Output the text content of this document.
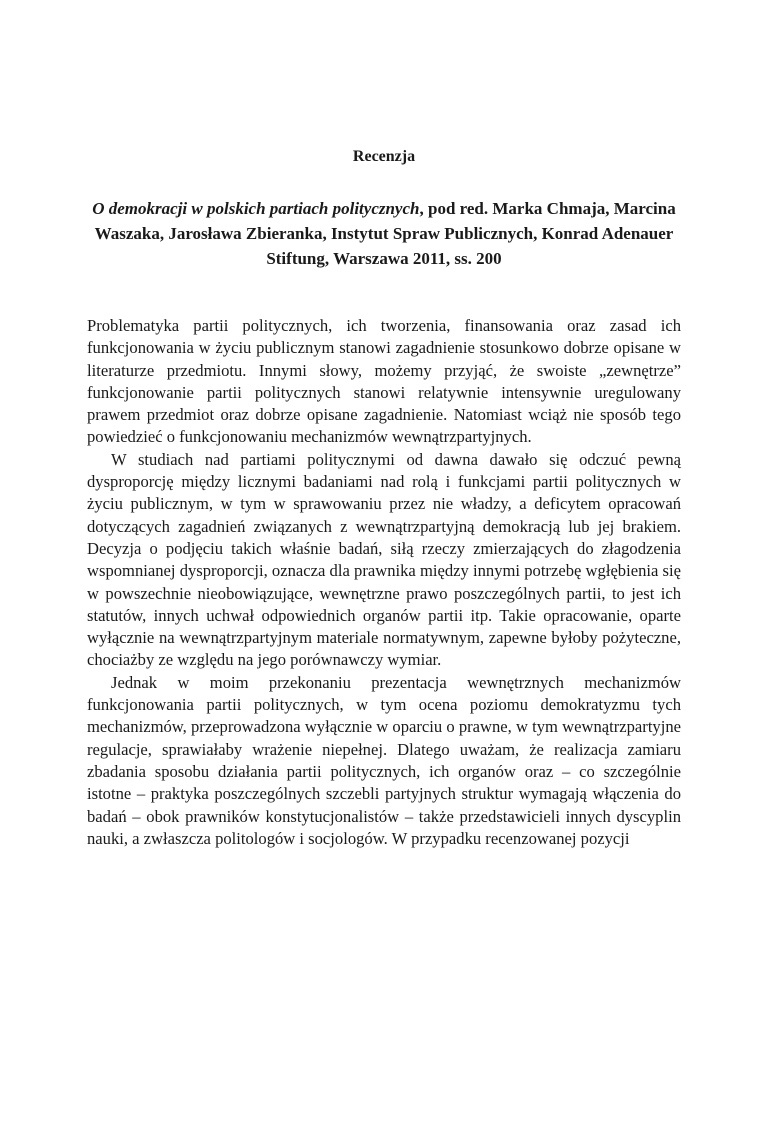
Recenzja
O demokracji w polskich partiach politycznych, pod red. Marka Chmaja, Marcina Waszaka, Jarosława Zbieranka, Instytut Spraw Publicznych, Konrad Adenauer Stiftung, Warszawa 2011, ss. 200

Problematyka partii politycznych, ich tworzenia, finansowania oraz zasad ich funkcjonowania w życiu publicznym stanowi zagadnienie stosunkowo dobrze opisane w literaturze przedmiotu. Innymi słowy, możemy przyjąć, że swoiste „zewnętrze” funkcjonowanie partii politycznych stanowi relatywnie intensywnie uregulowany prawem przedmiot oraz dobrze opisane zagadnienie. Natomiast wciąż nie sposób tego powiedzieć o funkcjonowaniu mechanizmów wewnątrzpartyjnych.

W studiach nad partiami politycznymi od dawna dawało się odczuć pewną dysproporcję między licznymi badaniami nad rolą i funkcjami partii politycznych w życiu publicznym, w tym w sprawowaniu przez nie władzy, a deficytem opracowań dotyczących zagadnień związanych z wewnątrzpartyjną demokracją lub jej brakiem. Decyzja o podjęciu takich właśnie badań, siłą rzeczy zmierzających do złagodzenia wspomnianej dysproporcji, oznacza dla prawnika między innymi potrzebę wgłębienia się w powszechnie nieobowiązujące, wewnętrzne prawo poszczególnych partii, to jest ich statutów, innych uchwał odpowiednich organów partii itp. Takie opracowanie, oparte wyłącznie na wewnątrzpartyjnym materiale normatywnym, zapewne byłoby pożyteczne, chociażby ze względu na jego porównawczy wymiar.

Jednak w moim przekonaniu prezentacja wewnętrznych mechanizmów funkcjonowania partii politycznych, w tym ocena poziomu demokratyzmu tych mechanizmów, przeprowadzona wyłącznie w oparciu o prawne, w tym wewnątrzpartyjne regulacje, sprawiałaby wrażenie niepełnej. Dlatego uważam, że realizacja zamiaru zbadania sposobu działania partii politycznych, ich organów oraz – co szczególnie istotne – praktyka poszczególnych szczebli partyjnych struktur wymagają włączenia do badań – obok prawników konstytucjonalistów – także przedstawicieli innych dyscyplin nauki, a zwłaszcza politologów i socjologów. W przypadku recenzowanej pozycji
